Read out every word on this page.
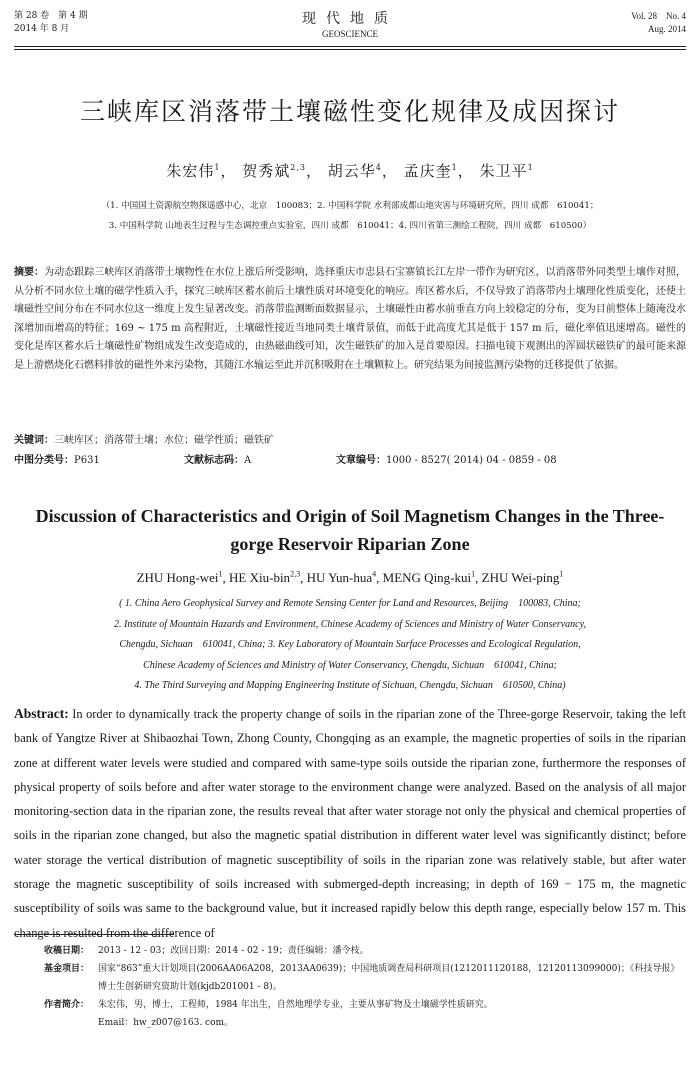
第 28 卷　第 4 期
2014 年 8 月
现代地质
GEOSCIENCE
Vol. 28　No. 4
Aug. 2014
三峡库区消落带土壤磁性变化规律及成因探讨
朱宏伟$^1$， 贺秀斌$^{2,3}$， 胡云华$^4$， 孟庆奎$^1$， 朱卫平$^1$
（1. 中国国土资源航空物探遥感中心，北京　100083；2. 中国科学院 水利部成都山地灾害与环境研究所，四川 成都　610041；
3. 中国科学院 山地表生过程与生态调控重点实验室，四川 成都　610041；4. 四川省第三测绘工程院，四川 成都　610500）
摘要：为动态跟踪三峡库区消落带土壤物性在水位上涨后所受影响，选择重庆市忠县石宝寨镇长江左岸一带作为研究区，以消落带外同类型土壤作对照，从分析不同水位土壤的磁学性质入手，探究三峡库区蓄水前后土壤性质对环境变化的响应。库区蓄水后，不仅导致了消落带内土壤理化性质变化，还使土壤磁性空间分布在不同水位这一维度上发生显著改变。消落带监测断面数据显示，土壤磁性由蓄水前垂直方向上较稳定的分布，变为目前整体上随淹没水深增加而增高的特征；169 ~ 175 m 高程附近，土壤磁性接近当地同类土壤背景值，而低于此高度尤其是低于 157 m 后，磁化率值迅速增高。磁性的变化是库区蓄水后土壤磁性矿物组成发生改变造成的，由热磁曲线可知，次生磁铁矿的加入是首要原因。扫描电镜下观测出的浑圆状磁铁矿的最可能来源是上游燃烧化石燃料排放的磁性外来污染物，其随江水输运至此并沉积吸附在土壤颗粒上。研究结果为间接监测污染物的迁移提供了依据。
关键词：三峡库区；消落带土壤；水位；磁学性质；磁铁矿
中图分类号：P631	文献标志码：A	文章编号：1000 - 8527( 2014) 04 - 0859 - 08
Discussion of Characteristics and Origin of Soil Magnetism Changes in the Three-gorge Reservoir Riparian Zone
ZHU Hong-wei$^1$, HE Xiu-bin$^{2,3}$, HU Yun-hua$^4$, MENG Qing-kui$^1$, ZHU Wei-ping$^1$
( 1. China Aero Geophysical Survey and Remote Sensing Center for Land and Resources, Beijing　100083, China;
2. Institute of Mountain Hazards and Environment, Chinese Academy of Sciences and Ministry of Water Conservancy,
Chengdu, Sichuan　610041, China; 3. Key Laboratory of Mountain Surface Processes and Ecological Regulation,
Chinese Academy of Sciences and Ministry of Water Conservancy, Chengdu, Sichuan　610041, China;
4. The Third Surveying and Mapping Engineering Institute of Sichuan, Chengdu, Sichuan　610500, China)
Abstract: In order to dynamically track the property change of soils in the riparian zone of the Three-gorge Reservoir, taking the left bank of Yangtze River at Shibaozhai Town, Zhong County, Chongqing as an example, the magnetic properties of soils in the riparian zone at different water levels were studied and compared with same-type soils outside the riparian zone, furthermore the responses of physical property of soils before and after water storage to the environment change were analyzed. Based on the analysis of all major monitoring-section data in the riparian zone, the results reveal that after water storage not only the physical and chemical properties of soils in the riparian zone changed, but also the magnetic spatial distribution in different water level was significantly distinct; before water storage the vertical distribution of magnetic susceptibility of soils in the riparian zone was relatively stable, but after water storage the magnetic susceptibility of soils increased with submerged-depth increasing; in depth of 169 − 175 m, the magnetic susceptibility of soils was same to the background value, but it increased rapidly below this depth range, especially below 157 m. This change is resulted from the difference of
收稿日期： 2013 - 12 - 03；改回日期：2014 - 02 - 19；责任编辑：潘令枝。
基金项目： 国家“863”重大计划项目(2006AA06A208，2013AA0639)；中国地质调查局科研项目(1212011120188，12120113099000)；《科技导报》博士生创新研究资助计划(kjdb201001 - 8)。
作者简介： 朱宏伟，男，博士，工程师，1984 年出生，自然地理学专业，主要从事矿物及土壤磁学性质研究。
Email：hw_z007@163. com。
